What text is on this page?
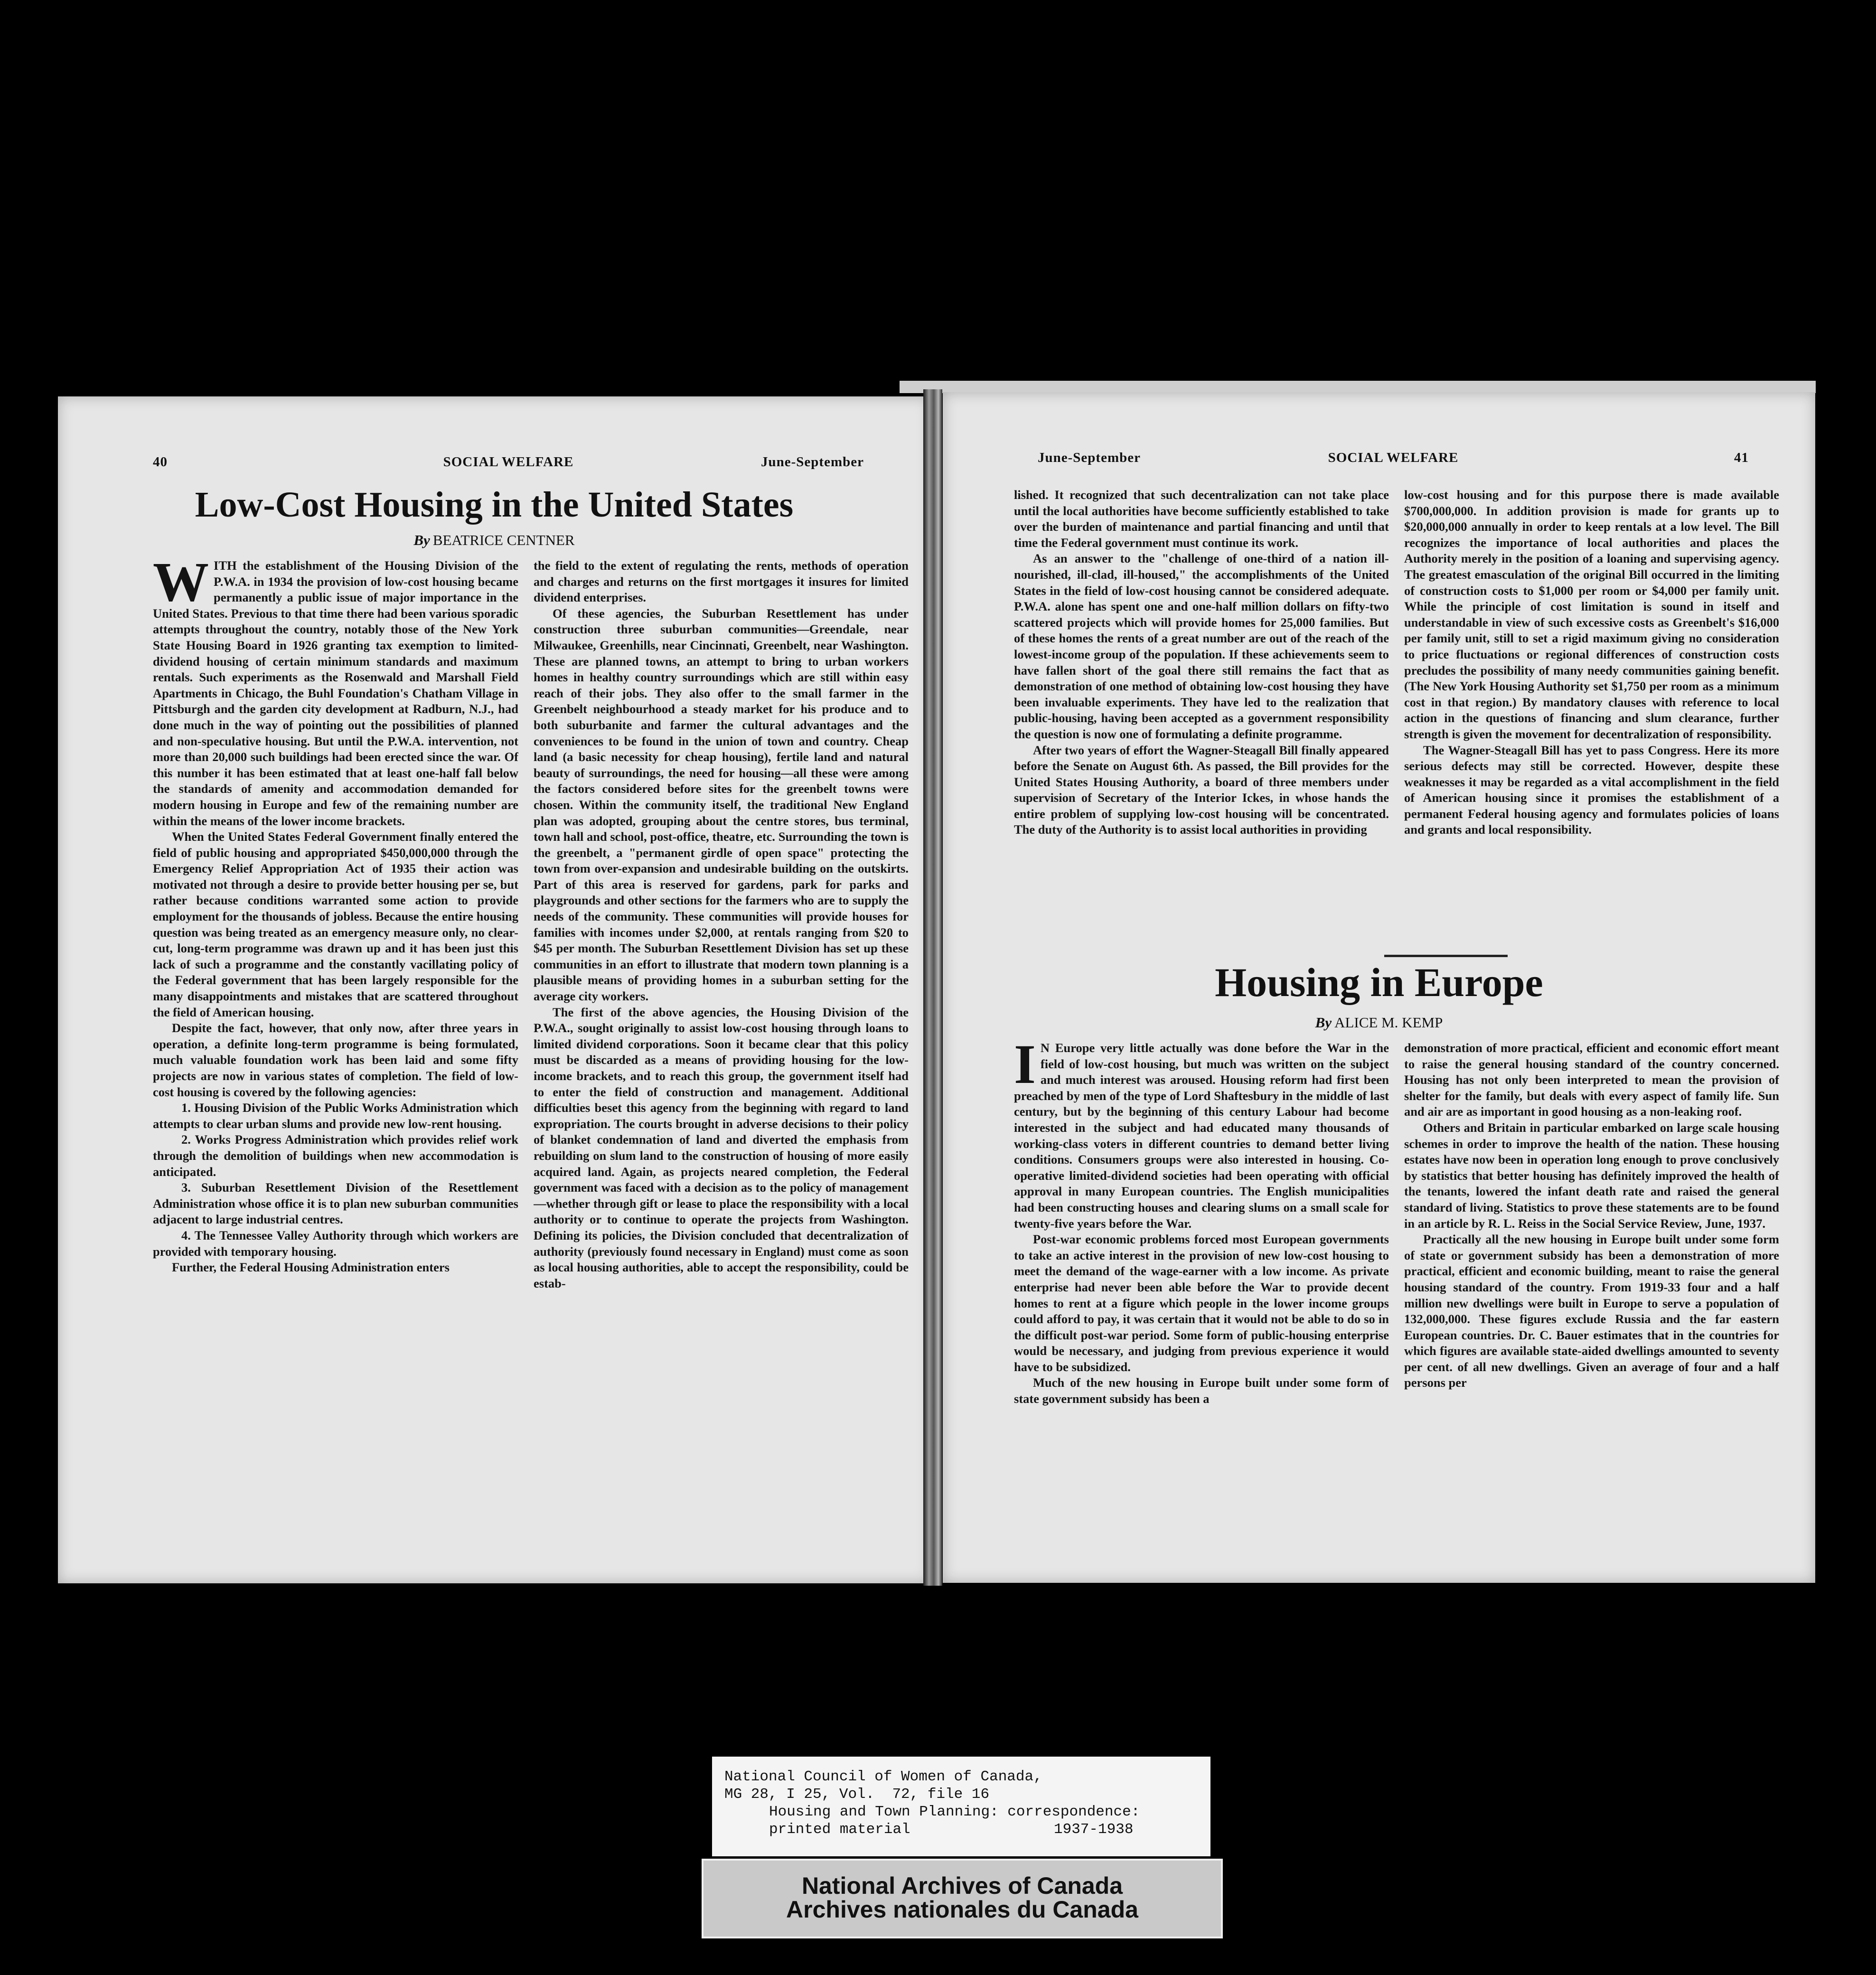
40	SOCIAL WELFARE	June-September
Low-Cost Housing in the United States
By BEATRICE CENTNER

WITH the establishment of the Housing Division of the P.W.A. in 1934 the provision of low-cost housing became permanently a public issue of major importance in the United States. Previous to that time there had been various sporadic attempts throughout the country, notably those of the New York State Housing Board in 1926 granting tax exemption to limited-dividend housing of certain minimum standards and maximum rentals. Such experiments as the Rosenwald and Marshall Field Apartments in Chicago, the Buhl Foundation's Chatham Village in Pittsburgh and the garden city development at Radburn, N.J., had done much in the way of pointing out the possibilities of planned and non-speculative housing. But until the P.W.A. intervention, not more than 20,000 such buildings had been erected since the war. Of this number it has been estimated that at least one-half fall below the standards of amenity and accommodation demanded for modern housing in Europe and few of the remaining number are within the means of the lower income brackets.

When the United States Federal Government finally entered the field of public housing and appropriated $450,000,000 through the Emergency Relief Appropriation Act of 1935 their action was motivated not through a desire to provide better housing per se, but rather because conditions warranted some action to provide employment for the thousands of jobless. Because the entire housing question was being treated as an emergency measure only, no clear-cut, long-term programme was drawn up and it has been just this lack of such a programme and the constantly vacillating policy of the Federal government that has been largely responsible for the many disappointments and mistakes that are scattered throughout the field of American housing.

Despite the fact, however, that only now, after three years in operation, a definite long-term programme is being formulated, much valuable foundation work has been laid and some fifty projects are now in various states of completion. The field of low-cost housing is covered by the following agencies:

1. Housing Division of the Public Works Administration which attempts to clear urban slums and provide new low-rent housing.

2. Works Progress Administration which provides relief work through the demolition of buildings when new accommodation is anticipated.

3. Suburban Resettlement Division of the Resettlement Administration whose office it is to plan new suburban communities adjacent to large industrial centres.

4. The Tennessee Valley Authority through which workers are provided with temporary housing.

Further, the Federal Housing Administration enters

the field to the extent of regulating the rents, methods of operation and charges and returns on the first mortgages it insures for limited dividend enterprises.

Of these agencies, the Suburban Resettlement has under construction three suburban communities—Greendale, near Milwaukee, Greenhills, near Cincinnati, Greenbelt, near Washington. These are planned towns, an attempt to bring to urban workers homes in healthy country surroundings which are still within easy reach of their jobs. They also offer to the small farmer in the Greenbelt neighbourhood a steady market for his produce and to both suburbanite and farmer the cultural advantages and the conveniences to be found in the union of town and country. Cheap land (a basic necessity for cheap housing), fertile land and natural beauty of surroundings, the need for housing—all these were among the factors considered before sites for the greenbelt towns were chosen. Within the community itself, the traditional New England plan was adopted, grouping about the centre stores, bus terminal, town hall and school, post-office, theatre, etc. Surrounding the town is the greenbelt, a "permanent girdle of open space" protecting the town from over-expansion and undesirable building on the outskirts. Part of this area is reserved for gardens, park for parks and playgrounds and other sections for the farmers who are to supply the needs of the community. These communities will provide houses for families with incomes under $2,000, at rentals ranging from $20 to $45 per month. The Suburban Resettlement Division has set up these communities in an effort to illustrate that modern town planning is a plausible means of providing homes in a suburban setting for the average city workers.

The first of the above agencies, the Housing Division of the P.W.A., sought originally to assist low-cost housing through loans to limited dividend corporations. Soon it became clear that this policy must be discarded as a means of providing housing for the low-income brackets, and to reach this group, the government itself had to enter the field of construction and management. Additional difficulties beset this agency from the beginning with regard to land expropriation. The courts brought in adverse decisions to their policy of blanket condemnation of land and diverted the emphasis from rebuilding on slum land to the construction of housing of more easily acquired land. Again, as projects neared completion, the Federal government was faced with a decision as to the policy of management—whether through gift or lease to place the responsibility with a local authority or to continue to operate the projects from Washington. Defining its policies, the Division concluded that decentralization of authority (previously found necessary in England) must come as soon as local housing authorities, able to accept the responsibility, could be estab-

June-September	SOCIAL WELFARE	41

lished. It recognized that such decentralization can not take place until the local authorities have become sufficiently established to take over the burden of maintenance and partial financing and until that time the Federal government must continue its work.

As an answer to the "challenge of one-third of a nation ill-nourished, ill-clad, ill-housed," the accomplishments of the United States in the field of low-cost housing cannot be considered adequate. P.W.A. alone has spent one and one-half million dollars on fifty-two scattered projects which will provide homes for 25,000 families. But of these homes the rents of a great number are out of the reach of the lowest-income group of the population. If these achievements seem to have fallen short of the goal there still remains the fact that as demonstration of one method of obtaining low-cost housing they have been invaluable experiments. They have led to the realization that public-housing, having been accepted as a government responsibility the question is now one of formulating a definite programme.

After two years of effort the Wagner-Steagall Bill finally appeared before the Senate on August 6th. As passed, the Bill provides for the United States Housing Authority, a board of three members under supervision of Secretary of the Interior Ickes, in whose hands the entire problem of supplying low-cost housing will be concentrated. The duty of the Authority is to assist local authorities in providing

low-cost housing and for this purpose there is made available $700,000,000. In addition provision is made for grants up to $20,000,000 annually in order to keep rentals at a low level. The Bill recognizes the importance of local authorities and places the Authority merely in the position of a loaning and supervising agency. The greatest emasculation of the original Bill occurred in the limiting of construction costs to $1,000 per room or $4,000 per family unit. While the principle of cost limitation is sound in itself and understandable in view of such excessive costs as Greenbelt's $16,000 per family unit, still to set a rigid maximum giving no consideration to price fluctuations or regional differences of construction costs precludes the possibility of many needy communities gaining benefit. (The New York Housing Authority set $1,750 per room as a minimum cost in that region.) By mandatory clauses with reference to local action in the questions of financing and slum clearance, further strength is given the movement for decentralization of responsibility.

The Wagner-Steagall Bill has yet to pass Congress. Here its more serious defects may still be corrected. However, despite these weaknesses it may be regarded as a vital accomplishment in the field of American housing since it promises the establishment of a permanent Federal housing agency and formulates policies of loans and grants and local responsibility.

Housing in Europe
By ALICE M. KEMP

I N Europe very little actually was done before the War in the field of low-cost housing, but much was written on the subject and much interest was aroused. Housing reform had first been preached by men of the type of Lord Shaftesbury in the middle of last century, but by the beginning of this century Labour had become interested in the subject and had educated many thousands of working-class voters in different countries to demand better living conditions. Consumers groups were also interested in housing. Co-operative limited-dividend societies had been operating with official approval in many European countries. The English municipalities had been constructing houses and clearing slums on a small scale for twenty-five years before the War.

Post-war economic problems forced most European governments to take an active interest in the provision of new low-cost housing to meet the demand of the wage-earner with a low income. As private enterprise had never been able before the War to provide decent homes to rent at a figure which people in the lower income groups could afford to pay, it was certain that it would not be able to do so in the difficult post-war period. Some form of public-housing enterprise would be necessary, and judging from previous experience it would have to be subsidized.

Much of the new housing in Europe built under some form of state government subsidy has been a

demonstration of more practical, efficient and economic effort meant to raise the general housing standard of the country concerned. Housing has not only been interpreted to mean the provision of shelter for the family, but deals with every aspect of family life. Sun and air are as important in good housing as a non-leaking roof.

Others and Britain in particular embarked on large scale housing schemes in order to improve the health of the nation. These housing estates have now been in operation long enough to prove conclusively by statistics that better housing has definitely improved the health of the tenants, lowered the infant death rate and raised the general standard of living. Statistics to prove these statements are to be found in an article by R. L. Reiss in the Social Service Review, June, 1937.

Practically all the new housing in Europe built under some form of state or government subsidy has been a demonstration of more practical, efficient and economic building, meant to raise the general housing standard of the country. From 1919-33 four and a half million new dwellings were built in Europe to serve a population of 132,000,000. These figures exclude Russia and the far eastern European countries. Dr. C. Bauer estimates that in the countries for which figures are available state-aided dwellings amounted to seventy per cent. of all new dwellings. Given an average of four and a half persons per

National Council of Women of Canada,
MG 28, I 25, Vol.  72, file 16
Housing and Town Planning: correspondence:
printed material	1937-1938
National Archives of Canada
Archives nationales du Canada
